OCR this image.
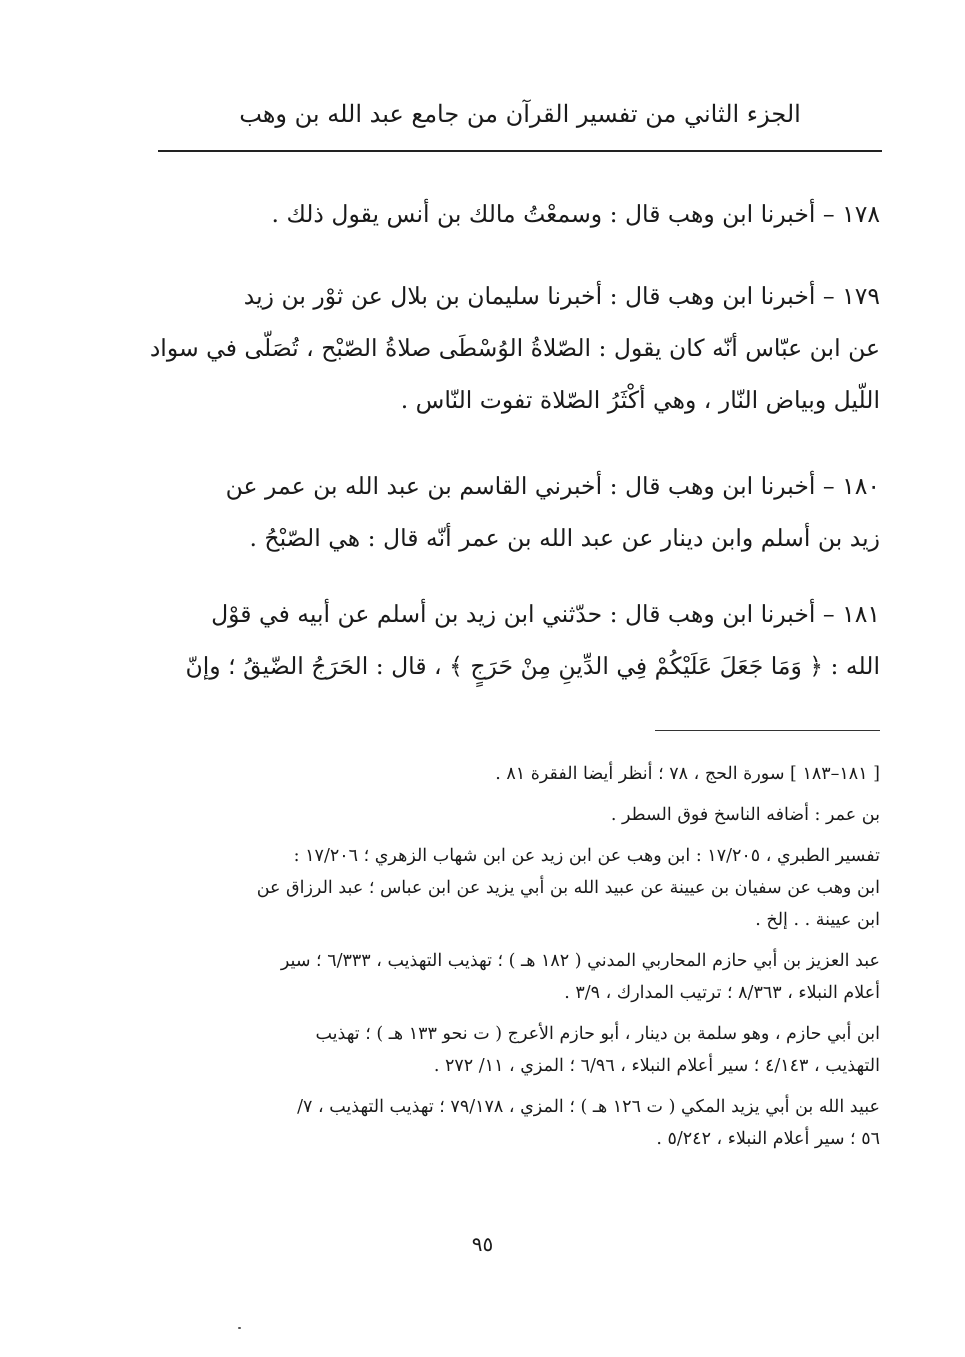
الجزء الثاني من تفسير القرآن من جامع عبد الله بن وهب
١٧٨ – أخبرنا ابن وهب قال : وسمعْتُ مالك بن أنس يقول ذلك .
١٧٩ – أخبرنا ابن وهب قال : أخبرنا سليمان بن بلال عن ثوْر بن زيد
عن ابن عبّاس أنّه كان يقول : الصّلاةُ الوُسْطَى صلاةُ الصّبْح ، تُصَلّى في سواد
اللّيل وبياض النّار ، وهي أكْثَرُ الصّلاة تفوت النّاس .
١٨٠ – أخبرنا ابن وهب قال : أخبرني القاسم بن عبد الله بن عمر عن
زيد بن أسلم وابن دينار عن عبد الله بن عمر أنّه قال : هي الصّبْحُ .
١٨١ – أخبرنا ابن وهب قال : حدّثني ابن زيد بن أسلم عن أبيه في قوْل
الله : ﴿ وَمَا جَعَلَ عَلَيْكُمْ فِي الدِّينِ مِنْ حَرَجٍ ﴾ ، قال : الحَرَجُ الضّيقُ ؛ وإنّ
[ ١٨١–١٨٣ ] سورة الحج ، ٧٨ ؛ أنظر أيضا الفقرة ٨١ .
بن عمر : أضافه الناسخ فوق السطر .
تفسير الطبري ، ١٧/٢٠٥ : ابن وهب عن ابن زيد عن ابن شهاب الزهري ؛ ١٧/٢٠٦ :
ابن وهب عن سفيان بن عيينة عن عبيد الله بن أبي يزيد عن ابن عباس ؛ عبد الرزاق عن
ابن عيينة . . إلخ .
عبد العزيز بن أبي حازم المحاربي المدني ( ١٨٢ هـ ) ؛ تهذيب التهذيب ، ٦/٣٣٣ ؛ سير
أعلام النبلاء ، ٨/٣٦٣ ؛ ترتيب المدارك ، ٣/٩ .
ابن أبي حازم ، وهو سلمة بن دينار ، أبو حازم الأعرج ( ت نحو ١٣٣ هـ ) ؛ تهذيب
التهذيب ، ٤/١٤٣ ؛ سير أعلام النبلاء ، ٦/٩٦ ؛ المزي ، ١١/ ٢٧٢ .
عبيد الله بن أبي يزيد المكي ( ت ١٢٦ هـ ) ؛ المزي ، ٧٩/١٧٨ ؛ تهذيب التهذيب ، ٧/
٥٦ ؛ سير أعلام النبلاء ، ٥/٢٤٢ .
٩٥
